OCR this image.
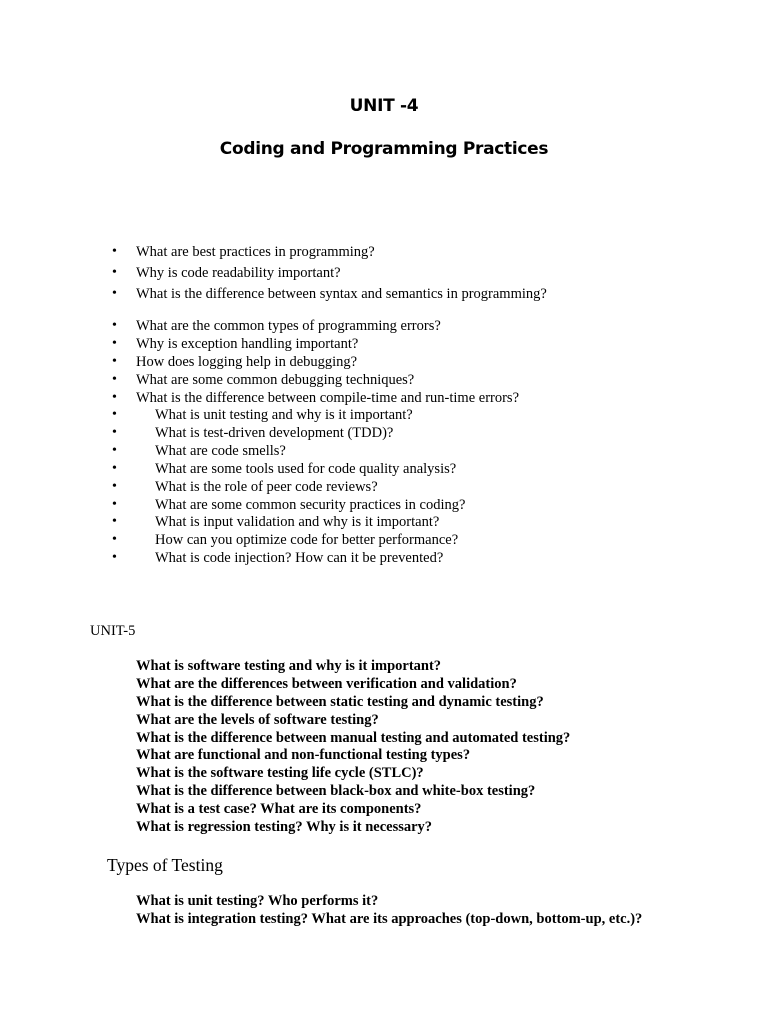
UNIT -4
Coding and Programming Practices
• What are best practices in programming?
• Why is code readability important?
• What is the difference between syntax and semantics in programming?
• What are the common types of programming errors?
• Why is exception handling important?
• How does logging help in debugging?
• What are some common debugging techniques?
• What is the difference between compile-time and run-time errors?
•	What is unit testing and why is it important?
•	What is test-driven development (TDD)?
•	What are code smells?
•	What are some tools used for code quality analysis?
•	What is the role of peer code reviews?
•	What are some common security practices in coding?
•	What is input validation and why is it important?
•	How can you optimize code for better performance?
•	What is code injection? How can it be prevented?
UNIT-5
What is software testing and why is it important?
What are the differences between verification and validation?
What is the difference between static testing and dynamic testing?
What are the levels of software testing?
What is the difference between manual testing and automated testing?
What are functional and non-functional testing types?
What is the software testing life cycle (STLC)?
What is the difference between black-box and white-box testing?
What is a test case? What are its components?
What is regression testing? Why is it necessary?
Types of Testing
What is unit testing? Who performs it?
What is integration testing? What are its approaches (top-down, bottom-up, etc.)?
